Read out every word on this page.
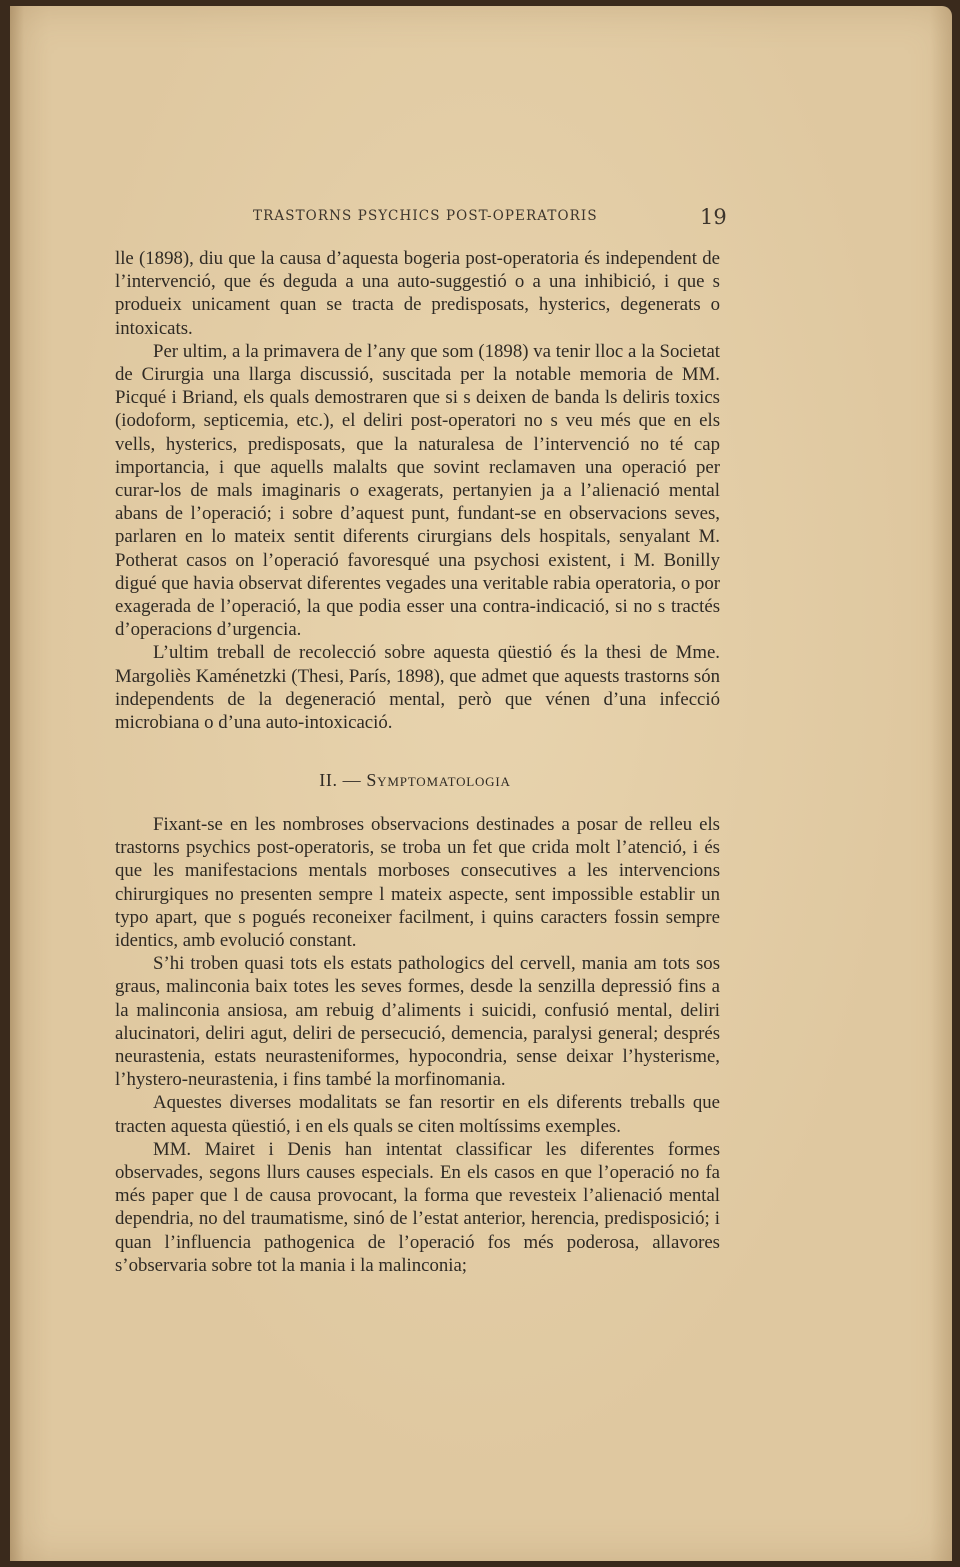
TRASTORNS PSYCHICS POST-OPERATORIS	19

lle (1898), diu que la causa d’aquesta bogeria post-operatoria és independent de l’intervenció, que és deguda a una auto-suggestió o a una inhibició, i que s produeix unicament quan se tracta de predisposats, hysterics, degenerats o intoxicats.

Per ultim, a la primavera de l’any que som (1898) va tenir lloc a la Societat de Cirurgia una llarga discussió, suscitada per la notable memoria de MM. Picqué i Briand, els quals demostraren que si s deixen de banda ls deliris toxics (iodoform, septicemia, etc.), el deliri post-operatori no s veu més que en els vells, hysterics, predisposats, que la naturalesa de l’intervenció no té cap importancia, i que aquells malalts que sovint reclamaven una operació per curar-los de mals imaginaris o exagerats, pertanyien ja a l’alienació mental abans de l’operació; i sobre d’aquest punt, fundant-se en observacions seves, parlaren en lo mateix sentit diferents cirurgians dels hospitals, senyalant M. Potherat casos on l’operació favoresqué una psychosi existent, i M. Bonilly digué que havia observat diferentes vegades una veritable rabia operatoria, o por exagerada de l’operació, la que podia esser una contra-indicació, si no s tractés d’operacions d’urgencia.

L’ultim treball de recolecció sobre aquesta qüestió és la thesi de Mme. Margoliès Kaménetzki (Thesi, París, 1898), que admet que aquests trastorns són independents de la degeneració mental, però que vénen d’una infecció microbiana o d’una auto-intoxicació.

II. — Symptomatologia

Fixant-se en les nombroses observacions destinades a posar de relleu els trastorns psychics post-operatoris, se troba un fet que crida molt l’atenció, i és que les manifestacions mentals morboses consecutives a les intervencions chirurgiques no presenten sempre l mateix aspecte, sent impossible establir un typo apart, que s pogués reconeixer facilment, i quins caracters fossin sempre identics, amb evolució constant.

S’hi troben quasi tots els estats pathologics del cervell, mania am tots sos graus, malinconia baix totes les seves formes, desde la senzilla depressió fins a la malinconia ansiosa, am rebuig d’aliments i suicidi, confusió mental, deliri alucinatori, deliri agut, deliri de persecució, demencia, paralysi general; després neurastenia, estats neurasteniformes, hypocondria, sense deixar l’hysterisme, l’hystero-neurastenia, i fins també la morfinomania.

Aquestes diverses modalitats se fan resortir en els diferents treballs que tracten aquesta qüestió, i en els quals se citen moltíssims exemples.

MM. Mairet i Denis han intentat classificar les diferentes formes observades, segons llurs causes especials. En els casos en que l’operació no fa més paper que l de causa provocant, la forma que revesteix l’alienació mental dependria, no del traumatisme, sinó de l’estat anterior, herencia, predisposició; i quan l’influencia pathogenica de l’operació fos més poderosa, allavores s’observaria sobre tot la mania i la malinconia;
